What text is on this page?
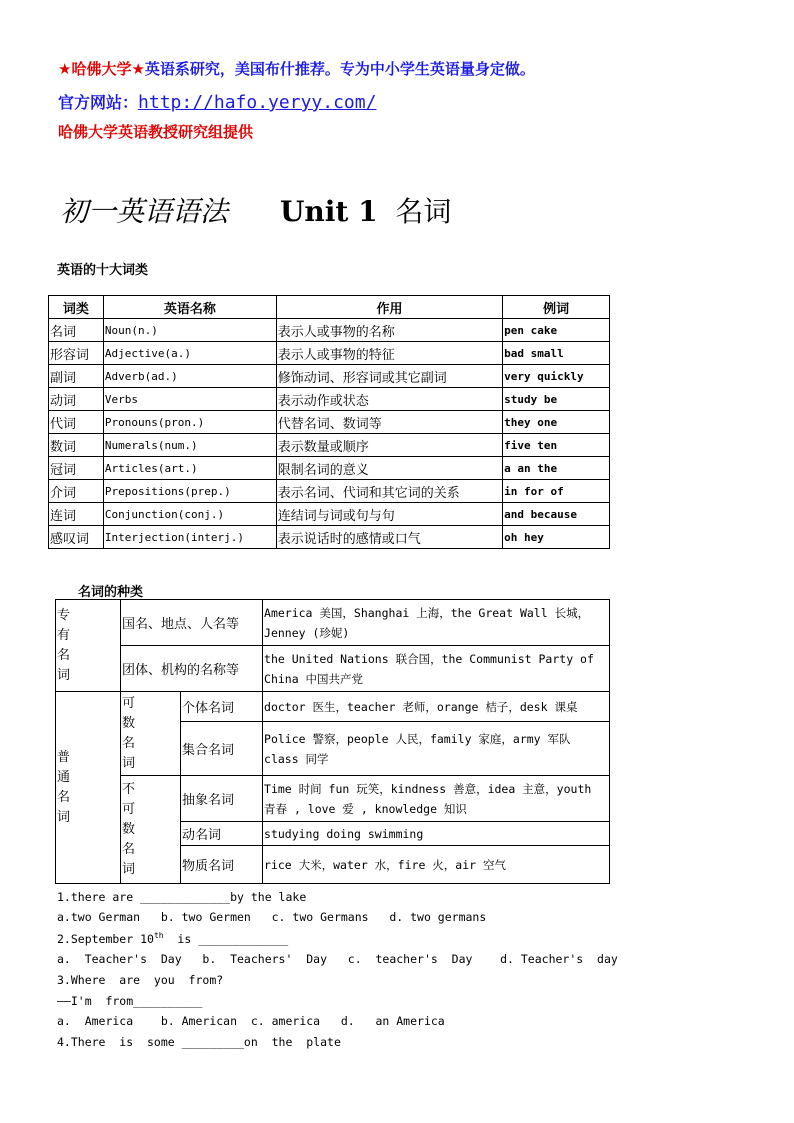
★哈佛大学★英语系研究，美国布什推荐。专为中小学生英语量身定做。
官方网站：http://hafo.yeryy.com/
哈佛大学英语教授研究组提供
初一英语语法 Unit 1 名词
英语的十大词类
词类	英语名称	作用	例词
名词	Noun(n.)	表示人或事物的名称	pen cake
形容词	Adjective(a.)	表示人或事物的特征	bad small
副词	Adverb(ad.)	修饰动词、形容词或其它副词	very quickly
动词	Verbs	表示动作或状态	study be
代词	Pronouns(pron.)	代替名词、数词等	they one
数词	Numerals(num.)	表示数量或顺序	five ten
冠词	Articles(art.)	限制名词的意义	a an the
介词	Prepositions(prep.)	表示名词、代词和其它词的关系	in for of
连词	Conjunction(conj.)	连结词与词或句与句	and because
感叹词	Interjection(interj.)	表示说话时的感情或口气	oh hey
名词的种类
专有名词	国名、地点、人名等		America 美国，Shanghai 上海，the Great Wall 长城，Jenney (珍妮)
	团体、机构的名称等		the United Nations 联合国，the Communist Party of China 中国共产党

普通名词	可数名词	个体名词	doctor 医生，teacher 老师，orange 桔子，desk 课桌
		集合名词	Police 警察，people 人民，family 家庭，army 军队 class 同学

	不可数名词	抽象名词	Time 时间 fun 玩笑，kindness 善意，idea 主意，youth 青春 , love 爱 , knowledge 知识
		动名词	studying doing swimming
		物质名词	rice 大米，water 水，fire 火，air 空气
1.there are _____________by the lake
a.two German   b. two Germen   c. two Germans   d. two germans
2.September 10th  is _____________
a.  Teacher's  Day   b.  Teachers'  Day   c.  teacher's  Day    d. Teacher's  day
3.Where  are  you  from?
——I'm  from__________
a.  America    b. American  c. america   d.   an America
4.There  is  some _________on  the  plate
